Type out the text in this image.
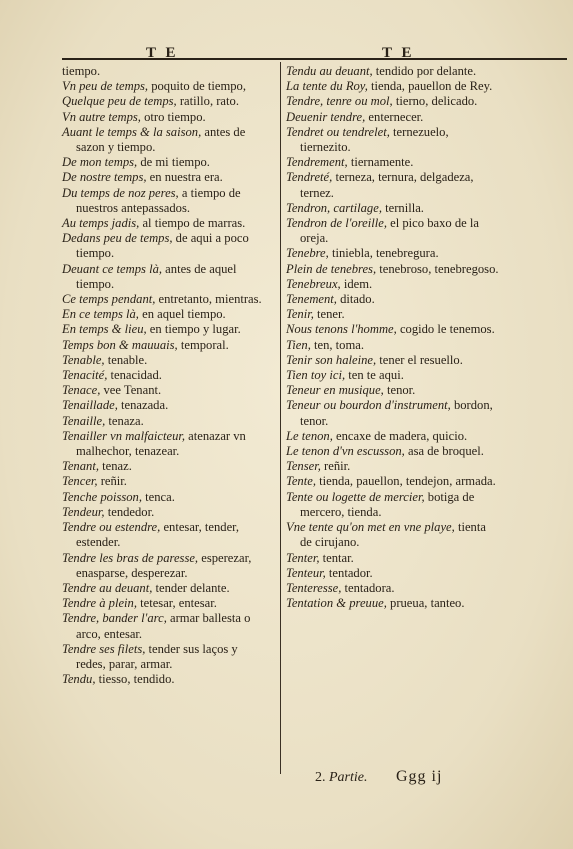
T E	T E

tiempo.

Vn peu de temps, poquito de tiempo,

Quelque peu de temps, ratillo, rato.

Vn autre temps, otro tiempo.

Auant le temps & la saison, antes de sazon y tiempo.

De mon temps, de mi tiempo.

De nostre temps, en nuestra era.

Du temps de noz peres, a tiempo de nuestros antepassados.

Au temps jadis, al tiempo de marras.

Dedans peu de temps, de aqui a poco tiempo.

Deuant ce temps là, antes de aquel tiempo.

Ce temps pendant, entretanto, mientras.

En ce temps là, en aquel tiempo.

En temps & lieu, en tiempo y lugar.

Temps bon & mauuais, temporal.

Tenable, tenable.

Tenacité, tenacidad.

Tenace, vee Tenant.

Tenaillade, tenazada.

Tenaille, tenaza.

Tenailler vn malfaicteur, atenazar vn malhechor, tenazear.

Tenant, tenaz.

Tencer, reñir.

Tenche poisson, tenca.

Tendeur, tendedor.

Tendre ou estendre, entesar, tender, estender.

Tendre les bras de paresse, esperezar, enasparse, desperezar.

Tendre au deuant, tender delante.

Tendre à plein, tetesar, entesar.

Tendre, bander l'arc, armar ballesta o arco, entesar.

Tendre ses filets, tender sus laços y redes, parar, armar.

Tendu, tiesso, tendido.

Tendu au deuant, tendido por delante.

La tente du Roy, tienda, pauellon de Rey.

Tendre, tenre ou mol, tierno, delicado.

Deuenir tendre, enternecer.

Tendret ou tendrelet, ternezuelo, tiernezito.

Tendrement, tiernamente.

Tendreté, terneza, ternura, delgadeza, ternez.

Tendron, cartilage, ternilla.

Tendron de l'oreille, el pico baxo de la oreja.

Tenebre, tiniebla, tenebregura.

Plein de tenebres, tenebroso, tenebregoso.

Tenebreux, idem.

Tenement, ditado.

Tenir, tener.

Nous tenons l'homme, cogido le tenemos.

Tien, ten, toma.

Tenir son haleine, tener el resuello.

Tien toy ici, ten te aqui.

Teneur en musique, tenor.

Teneur ou bourdon d'instrument, bordon, tenor.

Le tenon, encaxe de madera, quicio.

Le tenon d'vn escusson, asa de broquel.

Tenser, reñir.

Tente, tienda, pauellon, tendejon, armada.

Tente ou logette de mercier, botiga de mercero, tienda.

Vne tente qu'on met en vne playe, tienta de cirujano.

Tenter, tentar.

Tenteur, tentador.

Tenteresse, tentadora.

Tentation & preuue, prueua, tanteo.

2. Partie. Ggg ij
